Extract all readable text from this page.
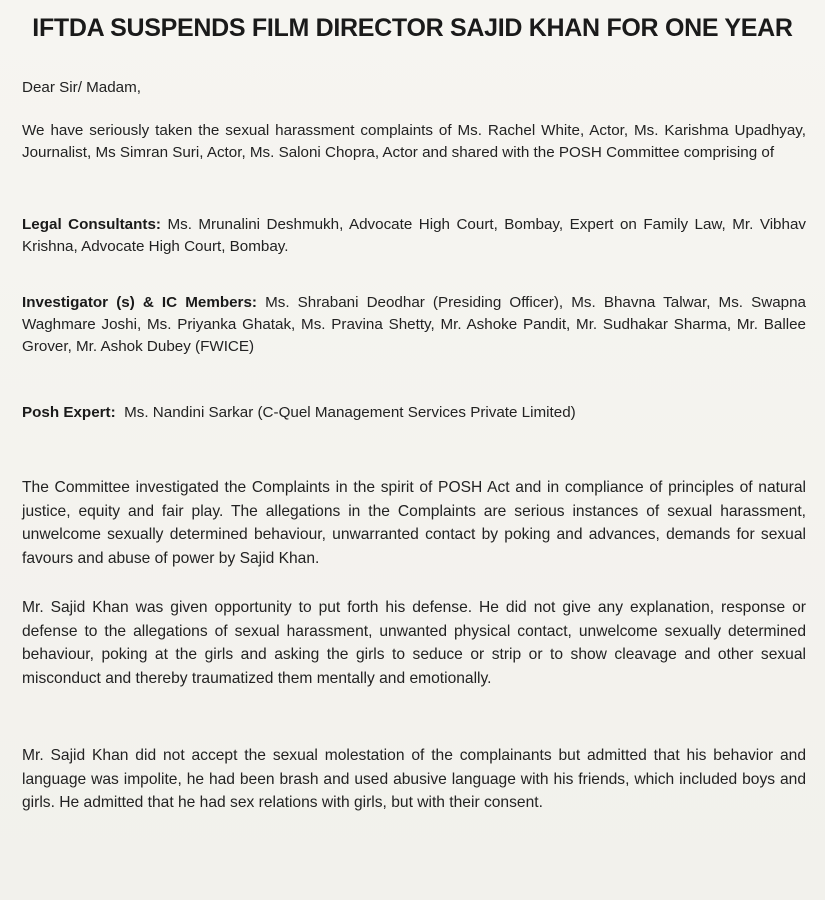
IFTDA SUSPENDS FILM DIRECTOR SAJID KHAN FOR ONE YEAR
Dear Sir/ Madam,
We have seriously taken the sexual harassment complaints of Ms. Rachel White, Actor, Ms. Karishma Upadhyay, Journalist, Ms Simran Suri, Actor, Ms. Saloni Chopra, Actor and shared with the POSH Committee comprising of
Legal Consultants: Ms. Mrunalini Deshmukh, Advocate High Court, Bombay, Expert on Family Law, Mr. Vibhav Krishna, Advocate High Court, Bombay.
Investigator (s) & IC Members: Ms. Shrabani Deodhar (Presiding Officer), Ms. Bhavna Talwar, Ms. Swapna Waghmare Joshi, Ms. Priyanka Ghatak, Ms. Pravina Shetty, Mr. Ashoke Pandit, Mr. Sudhakar Sharma, Mr. Ballee Grover, Mr. Ashok Dubey (FWICE)
Posh Expert:  Ms. Nandini Sarkar (C-Quel Management Services Private Limited)
The Committee investigated the Complaints in the spirit of POSH Act and in compliance of principles of natural justice, equity and fair play. The allegations in the Complaints are serious instances of sexual harassment, unwelcome sexually determined behaviour, unwarranted contact by poking and advances, demands for sexual favours and abuse of power by Sajid Khan.
Mr. Sajid Khan was given opportunity to put forth his defense. He did not give any explanation, response or defense to the allegations of sexual harassment, unwanted physical contact, unwelcome sexually determined behaviour, poking at the girls and asking the girls to seduce or strip or to show cleavage and other sexual misconduct and thereby traumatized them mentally and emotionally.
Mr. Sajid Khan did not accept the sexual molestation of the complainants but admitted that his behavior and language was impolite, he had been brash and used abusive language with his friends, which included boys and girls. He admitted that he had sex relations with girls, but with their consent.
